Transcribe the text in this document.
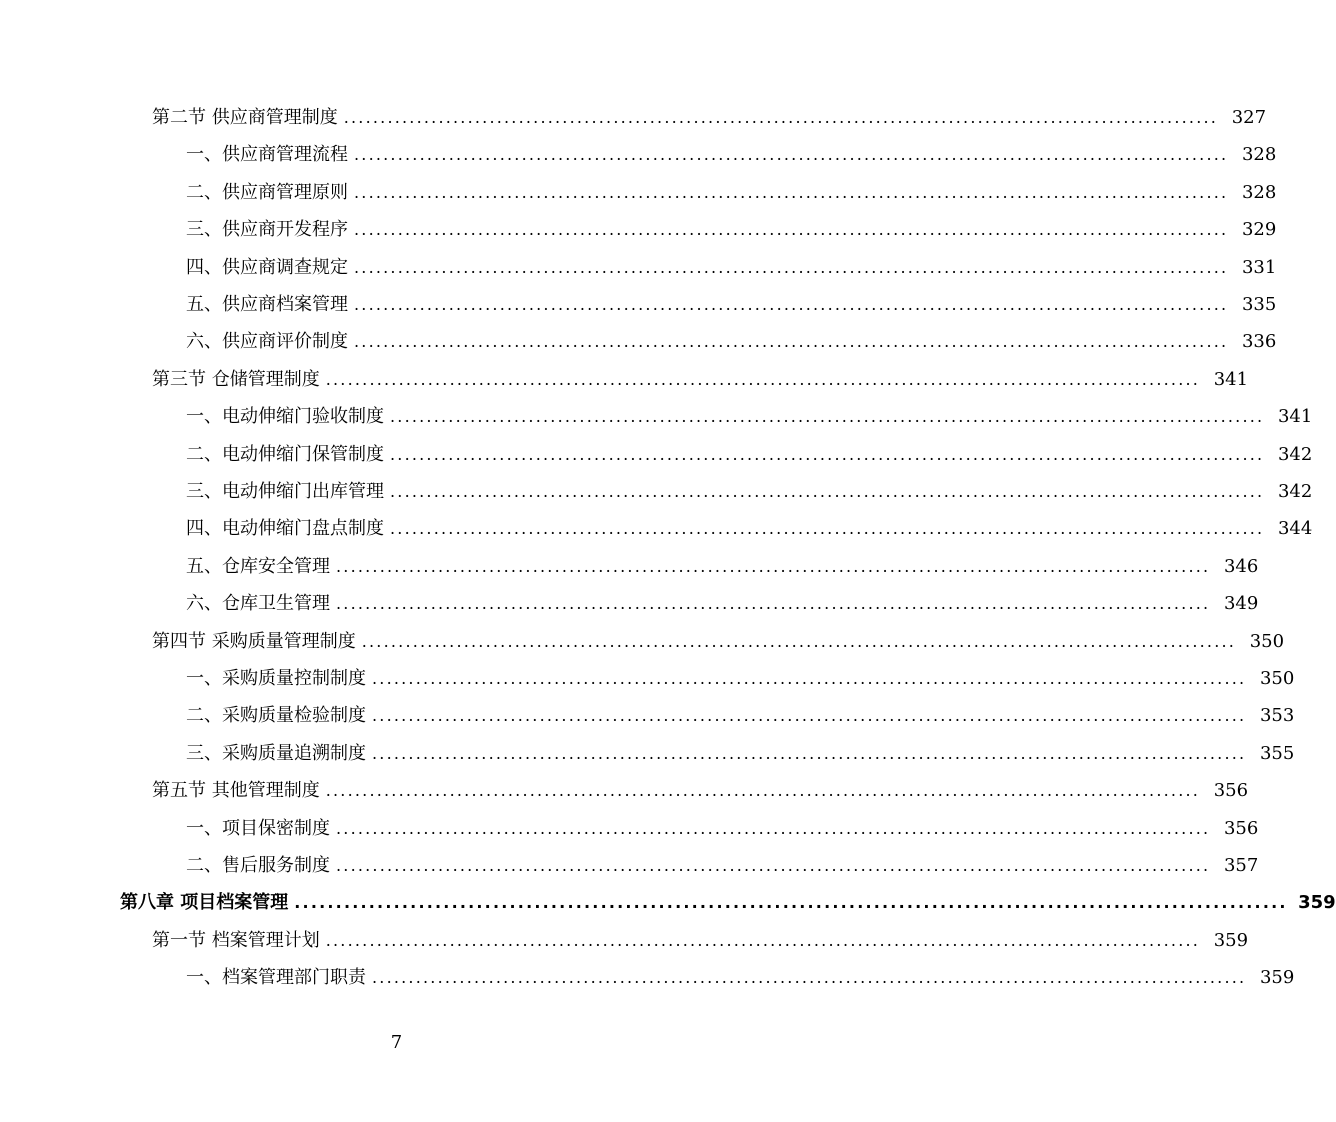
第二节 供应商管理制度 ........................................................................................................................ 327
一、供应商管理流程 ........................................................................................................................ 328
二、供应商管理原则 ........................................................................................................................ 328
三、供应商开发程序 ........................................................................................................................ 329
四、供应商调查规定 ........................................................................................................................ 331
五、供应商档案管理 ........................................................................................................................ 335
六、供应商评价制度 ........................................................................................................................ 336
第三节 仓储管理制度 ........................................................................................................................ 341
一、电动伸缩门验收制度 ........................................................................................................................ 341
二、电动伸缩门保管制度 ........................................................................................................................ 342
三、电动伸缩门出库管理 ........................................................................................................................ 342
四、电动伸缩门盘点制度 ........................................................................................................................ 344
五、仓库安全管理 ........................................................................................................................ 346
六、仓库卫生管理 ........................................................................................................................ 349
第四节 采购质量管理制度 ........................................................................................................................ 350
一、采购质量控制制度 ........................................................................................................................ 350
二、采购质量检验制度 ........................................................................................................................ 353
三、采购质量追溯制度 ........................................................................................................................ 355
第五节 其他管理制度 ........................................................................................................................ 356
一、项目保密制度 ........................................................................................................................ 356
二、售后服务制度 ........................................................................................................................ 357
第八章 项目档案管理 ........................................................................................................................ 359
第一节 档案管理计划 ........................................................................................................................ 359
一、档案管理部门职责 ........................................................................................................................ 359
7
